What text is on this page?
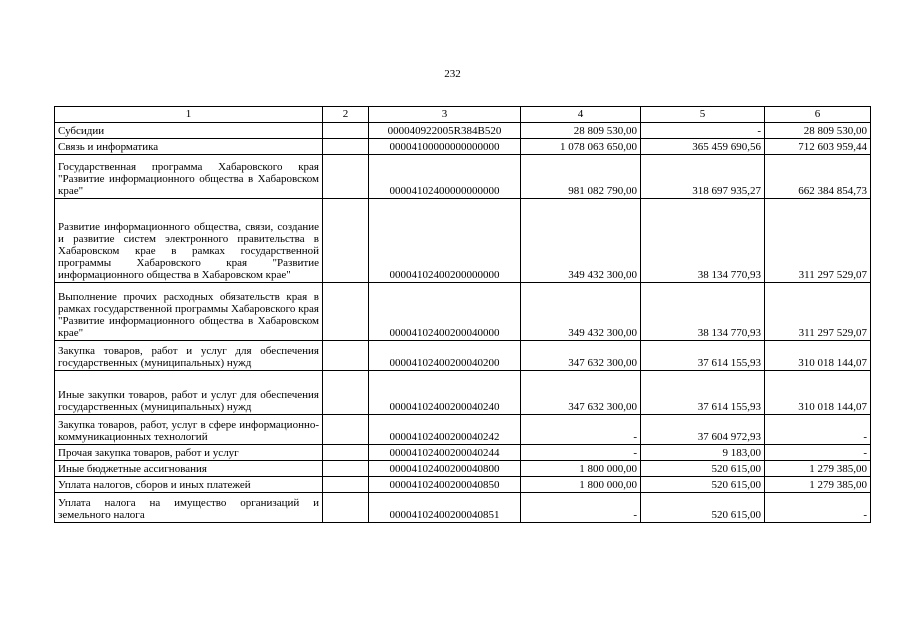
232
1	2	3	4	5	6
Субсидии		000040922005R384B520	28 809 530,00	-	28 809 530,00
Связь и информатика		00004100000000000000	1 078 063 650,00	365 459 690,56	712 603 959,44
Государственная программа Хабаровского края "Развитие информационного общества в Хабаровском крае"		00004102400000000000	981 082 790,00	318 697 935,27	662 384 854,73
Развитие информационного общества, связи, создание и развитие систем электронного правительства в Хабаровском крае в рамках государственной программы Хабаровского края "Развитие информационного общества в Хабаровском крае"		00004102400200000000	349 432 300,00	38 134 770,93	311 297 529,07
Выполнение прочих расходных обязательств края в рамках государственной программы Хабаровского края "Развитие информационного общества в Хабаровском крае"		00004102400200040000	349 432 300,00	38 134 770,93	311 297 529,07
Закупка товаров, работ и услуг для обеспечения государственных (муниципальных) нужд		00004102400200040200	347 632 300,00	37 614 155,93	310 018 144,07
Иные закупки товаров, работ и услуг для обеспечения государственных (муниципальных) нужд		00004102400200040240	347 632 300,00	37 614 155,93	310 018 144,07
Закупка товаров, работ, услуг в сфере информационно-коммуникационных технологий		00004102400200040242	-	37 604 972,93	-
Прочая закупка товаров, работ и услуг		00004102400200040244	-	9 183,00	-
Иные бюджетные ассигнования		00004102400200040800	1 800 000,00	520 615,00	1 279 385,00
Уплата налогов, сборов и иных платежей		00004102400200040850	1 800 000,00	520 615,00	1 279 385,00
Уплата налога на имущество организаций и земельного налога		00004102400200040851	-	520 615,00	-
